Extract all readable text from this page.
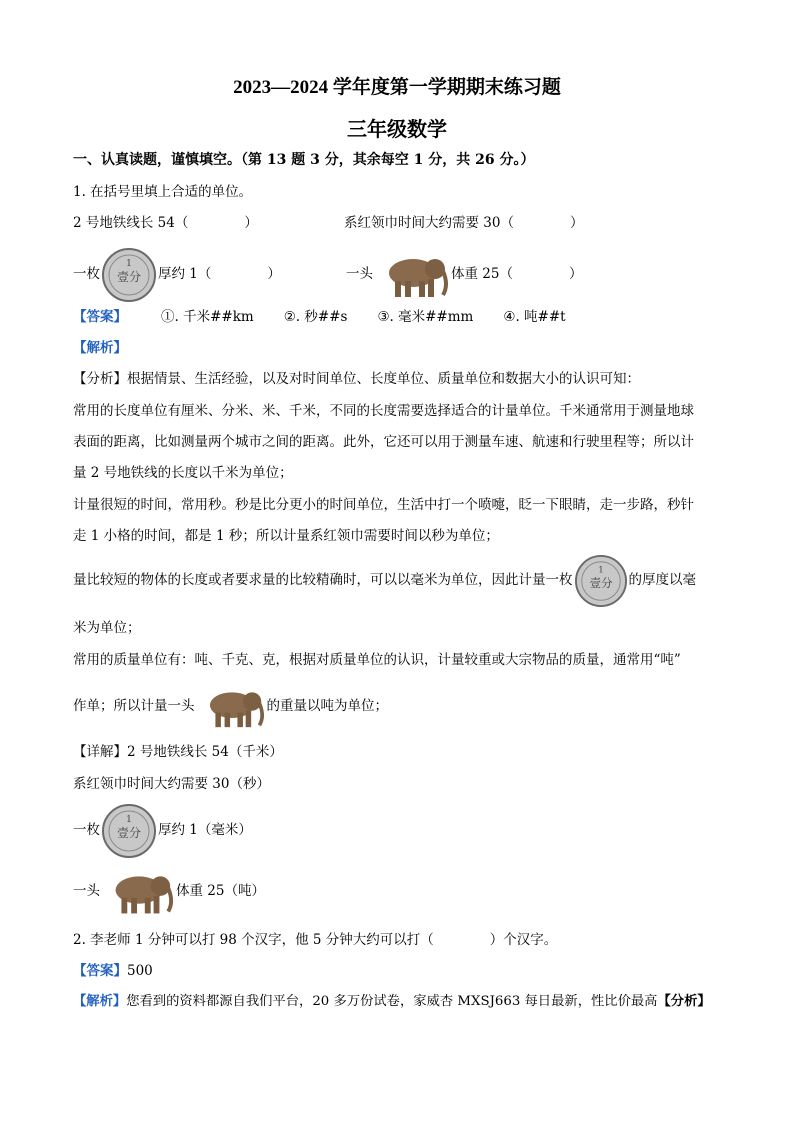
2023—2024 学年度第一学期期末练习题
三年级数学
一、认真读题，谨慎填空。（第 13 题 3 分，其余每空 1 分，共 26 分。）
1. 在括号里填上合适的单位。
2 号地铁线长 54（	）	系红领巾时间大约需要 30（	）
一枚
1
壹分 厚约 1（	）	一头	体重 25（	）
【答案】	①. 千米##km ②. 秒##s ③. 毫米##mm ④. 吨##t
【解析】
【分析】根据情景、生活经验，以及对时间单位、长度单位、质量单位和数据大小的认识可知：
常用的长度单位有厘米、分米、米、千米，不同的长度需要选择适合的计量单位。千米通常用于测量地球
表面的距离，比如测量两个城市之间的距离。此外，它还可以用于测量车速、航速和行驶里程等；所以计
量 2 号地铁线的长度以千米为单位；
计量很短的时间，常用秒。秒是比分更小的时间单位，生活中打一个喷嚏，眨一下眼睛，走一步路，秒针
走 1 小格的时间，都是 1 秒；所以计量系红领巾需要时间以秒为单位；
量比较短的物体的长度或者要求量的比较精确时，可以以毫米为单位，因此计量一枚
1
壹分 的厚度以毫
米为单位；
常用的质量单位有：吨、千克、克，根据对质量单位的认识，计量较重或大宗物品的质量，通常用“吨”
作单；所以计量一头	的重量以吨为单位；
【详解】2 号地铁线长 54（千米）
系红领巾时间大约需要 30（秒）
一枚
1
壹分 厚约 1（毫米）
一头	体重 25（吨）
2. 李老师 1 分钟可以打 98 个汉字，他 5 分钟大约可以打（	）个汉字。
【答案】500
【解析】您看到的资料都源自我们平台，20 多万份试卷，家威杏 MXSJ663 每日最新，性比价最高【分析】
